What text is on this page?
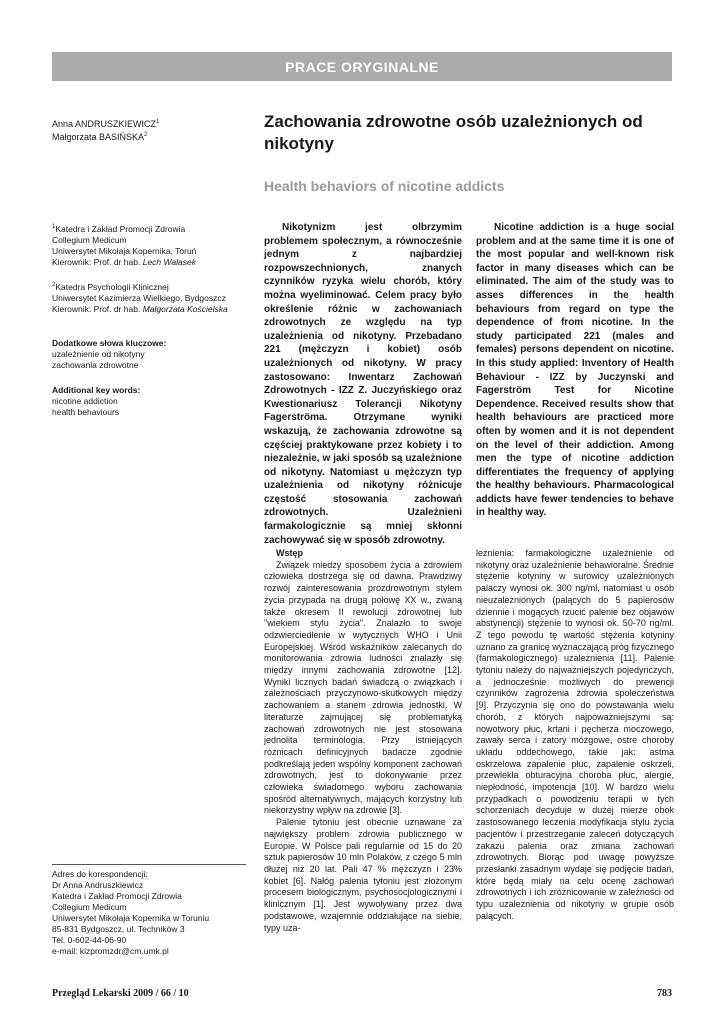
PRACE ORYGINALNE
Anna ANDRUSZKIEWICZ$^1$
Małgorzata BASIŃSKA$^2$
Zachowania zdrowotne osób uzależnionych od nikotyny
Health behaviors of nicotine addicts
$^1$Katedra i Zakład Promocji Zdrowia
Collegium Medicum
Uniwersytet Mikołaja Kopernika, Toruń
Kierownik: Prof. dr hab. Lech Walasek
$^2$Katedra Psychologii Klinicznej
Uniwersytet Kazimierza Wielkiego, Bydgoszcz
Kierownik: Prof. dr hab. Małgorzata Kościelska
Dodatkowe słowa kluczowe:
uzależnienie od nikotyny
zachowania zdrowotne
Additional key words:
nicotine addiction
health behaviours

Nikotynizm jest olbrzymim problemem społecznym, a równocześnie jednym z najbardziej rozpowszechnionych, znanych czynników ryzyka wielu chorób, który można wyeliminować. Celem pracy było określenie różnic w zachowaniach zdrowotnych ze względu na typ uzależnienia od nikotyny. Przebadano 221 (mężczyzn i kobiet) osób uzależnionych od nikotyny. W pracy zastosowano: Inwentarz Zachowań Zdrowotnych - IZZ Z. Juczyńskiego oraz Kwestionariusz Tolerancji Nikotyny Fagerströma. Otrzymane wyniki wskazują, że zachowania zdrowotne są częściej praktykowane przez kobiety i to niezależnie, w jaki sposób są uzależnione od nikotyny. Natomiast u mężczyzn typ uzależnienia od nikotyny różnicuje częstość stosowania zachowań zdrowotnych. Uzależnieni farmakologicznie są mniej skłonni zachowywać się w sposób zdrowotny.

Nicotine addiction is a huge social problem and at the same time it is one of the most popular and well-known risk factor in many diseases which can be eliminated. The aim of the study was to asses differences in the health behaviours from regard on type the dependence of from nicotine. In the study participated 221 (males and females) persons dependent on nicotine. In this study applied: Inventory of Health Behaviour - IZZ by Juczynski and Fagerström Test for Nicotine Dependence. Received results show that health behaviours are practiced more often by women and it is not dependent on the level of their addiction. Among men the type of nicotine addiction differentiates the frequency of applying the healthy behaviours. Pharmacological addicts have fewer tendencies to behave in healthy way.

Wstęp

Związek miedzy sposobem życia a zdrowiem człowieka dostrzega się od dawna. Prawdziwy rozwój zainteresowania prozdrowotnym stylem życia przypada na drugą połowę XX w., zwaną także okresem II rewolucji zdrowotnej lub "wiekiem stylu życia". Znalazło to swoje odzwierciedlenie w wytycznych WHO i Unii Europejskiej. Wśród wskaźników zalecanych do monitorowania zdrowia ludności znalazły się między innymi zachowania zdrowotne [12]. Wyniki licznych badań świadczą o związkach i zależnościach przyczynowo-skutkowych między zachowaniem a stanem zdrowia jednostki. W literaturze zajmującej się problematyką zachowań zdrowotnych nie jest stosowana jednolita terminologia. Przy istniejących różnicach definicyjnych badacze zgodnie podkreślają jeden wspólny komponent zachowań zdrowotnych, jest to dokonywanie przez człowieka świadomego wyboru zachowania spośród alternatywnych, mających korzystny lub niekorzystny wpływ na zdrowie [3].

Palenie tytoniu jest obecnie uznawane za największy problem zdrowia publicznego w Europie. W Polsce pali regularnie od 15 do 20 sztuk papierosów 10 mln Polaków, z czego 5 mln dłużej niż 20 lat. Pali 47 % mężczyzn i 23% kobiet [6]. Nałóg palenia tytoniu jest złożonym procesem biologicznym, psychosocjologicznymi i klinicznym [1]. Jest wywoływany przez dwa podstawowe, wzajemnie oddziałujące na siebie, typy uza-

leżnienia: farmakologiczne uzależnienie od nikotyny oraz uzależnienie behawioralne. Średnie stężenie kotyniny w surowicy uzależnionych palaczy wynosi ok. 300 ng/ml, natomiast u osób nieuzależnionych (palących do 5 papierosów dziennie i mogących rzucić palenie bez objawów abstynencji) stężenie to wynosi ok. 50-70 ng/ml. Z tego powodu tę wartość stężenia kotyniny uznano za granicę wyznaczającą próg fizycznego (farmakologicznego) uzależnienia [11]. Palenie tytoniu należy do najważniejszych pojedynczych, a jednocześnie możliwych do prewencji czynników zagrożenia zdrowia społeczeństwa [9]. Przyczynia się ono do powstawania wielu chorób, z których najpoważniejszymi są: nowotwory płuc, krtani i pęcherza moczowego, zawały serca i zatory mózgowe, ostre choroby układu oddechowego, takie jak: astma oskrzelowa zapalenie płuc, zapalenie oskrzeli, przewlekła obturacyjna choroba płuc, alergie, niepłodność, impotencja [10]. W bardzo wielu przypadkach o powodzeniu terapii w tych schorzeniach decyduje w dużej mierze obok zastosowanego leczenia modyfikacja stylu życia pacjentów i przestrzeganie zaleceń dotyczących zakazu palenia oraz zmiana zachowań zdrowotnych. Biorąc pod uwagę powyższe przesłanki zasadnym wydaje się podjęcie badań, które będą miały na celu ocenę zachowań zdrowotnych i ich zróżnicowanie w zależności od typu uzależnienia od nikotyny w grupie osób palących.

Adres do korespondencji:
Dr Anna Andruszkiewicz
Katedra i Zakład Promocji Zdrowia
Collegium Medicum
Uniwersytet Mikołaja Kopernika w Toruniu
85-831 Bydgoszcz, ul. Techników 3
Tel. 0-602-44-06-90
e-mail: kizpromzdr@cm.umk.pl
Przegląd Lekarski 2009 / 66 / 10	783
